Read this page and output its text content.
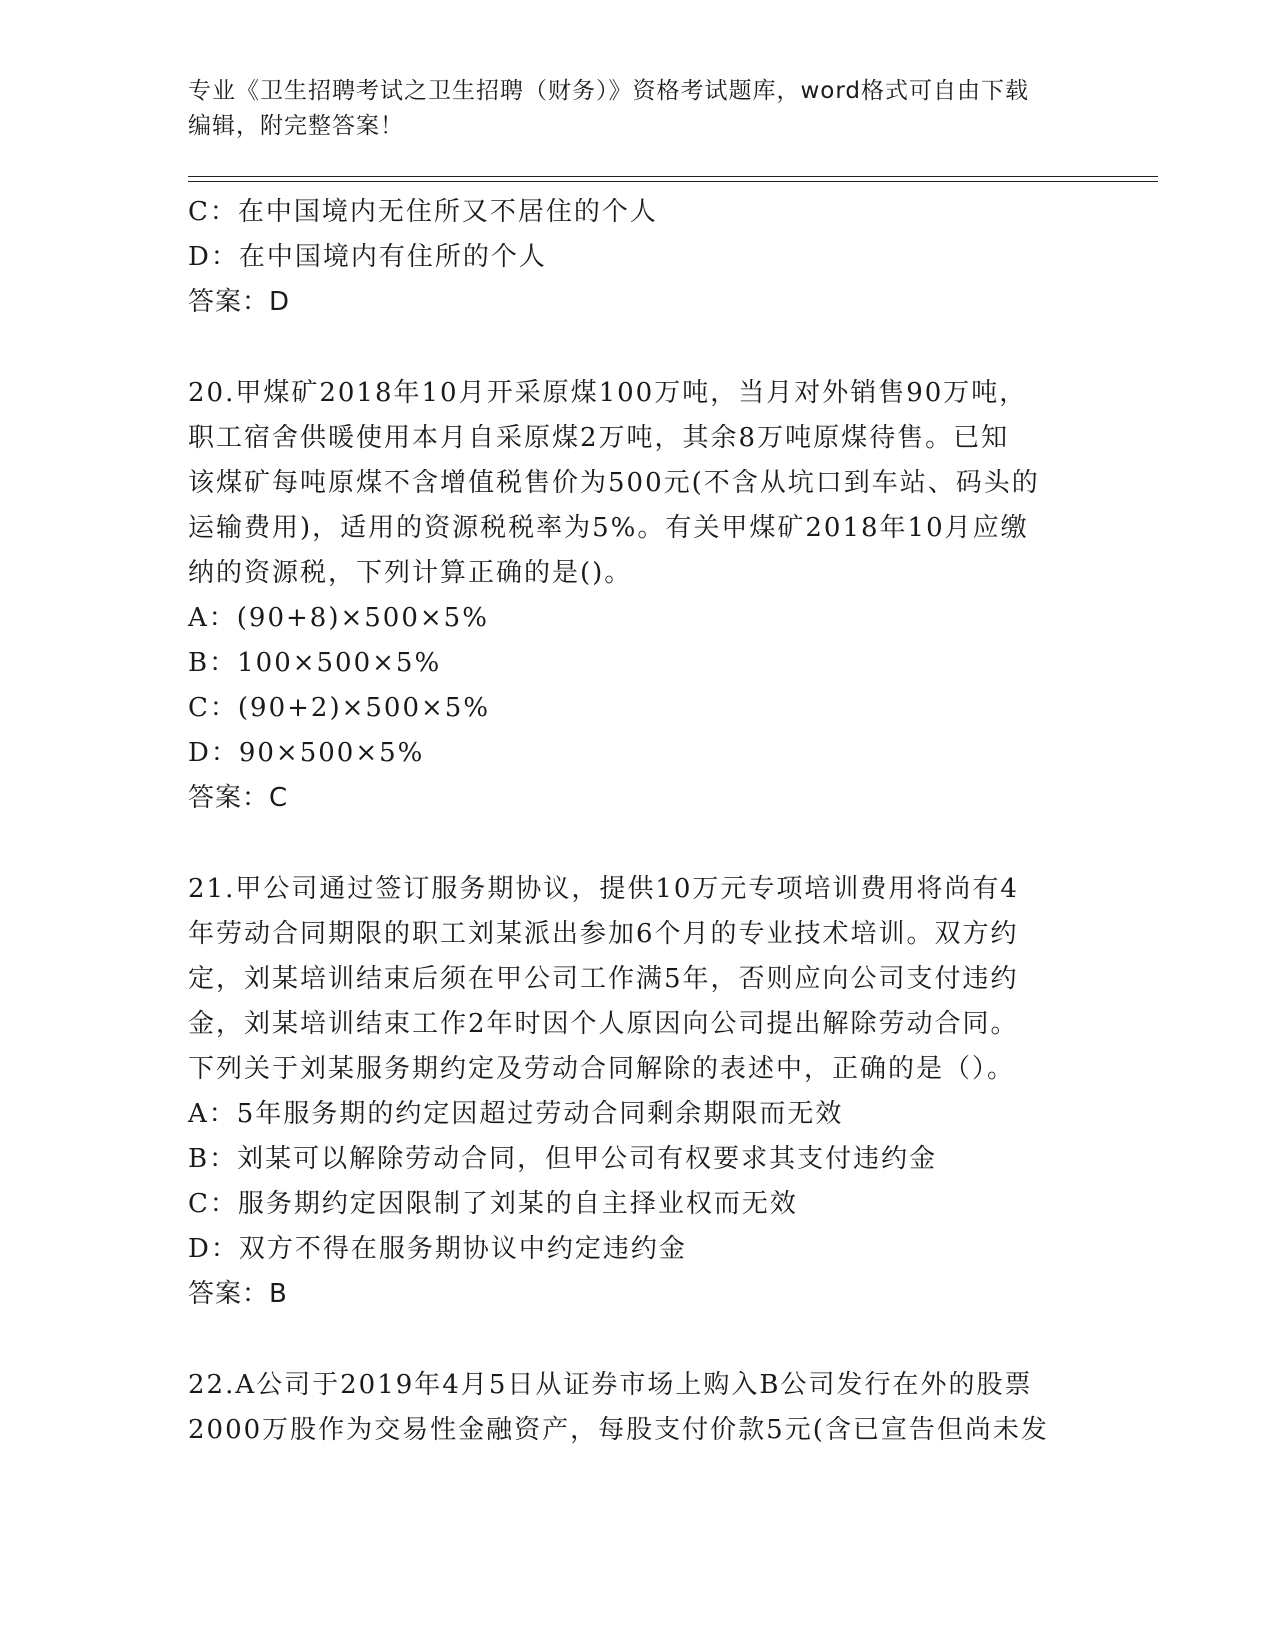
专业《卫生招聘考试之卫生招聘（财务）》资格考试题库，word格式可自由下载
编辑，附完整答案！
C：在中国境内无住所又不居住的个人
D：在中国境内有住所的个人
答案：D
20.甲煤矿2018年10月开采原煤100万吨，当月对外销售90万吨，
职工宿舍供暖使用本月自采原煤2万吨，其余8万吨原煤待售。已知
该煤矿每吨原煤不含增值税售价为500元(不含从坑口到车站、码头的
运输费用)，适用的资源税税率为5%。有关甲煤矿2018年10月应缴
纳的资源税，下列计算正确的是()。
A：(90+8)×500×5%
B：100×500×5%
C：(90+2)×500×5%
D：90×500×5%
答案：C
21.甲公司通过签订服务期协议，提供10万元专项培训费用将尚有4
年劳动合同期限的职工刘某派出参加6个月的专业技术培训。双方约
定，刘某培训结束后须在甲公司工作满5年，否则应向公司支付违约
金，刘某培训结束工作2年时因个人原因向公司提出解除劳动合同。
下列关于刘某服务期约定及劳动合同解除的表述中，正确的是（）。
A：5年服务期的约定因超过劳动合同剩余期限而无效
B：刘某可以解除劳动合同，但甲公司有权要求其支付违约金
C：服务期约定因限制了刘某的自主择业权而无效
D：双方不得在服务期协议中约定违约金
答案：B
22.A公司于2019年4月5日从证券市场上购入B公司发行在外的股票
2000万股作为交易性金融资产，每股支付价款5元(含已宣告但尚未发
